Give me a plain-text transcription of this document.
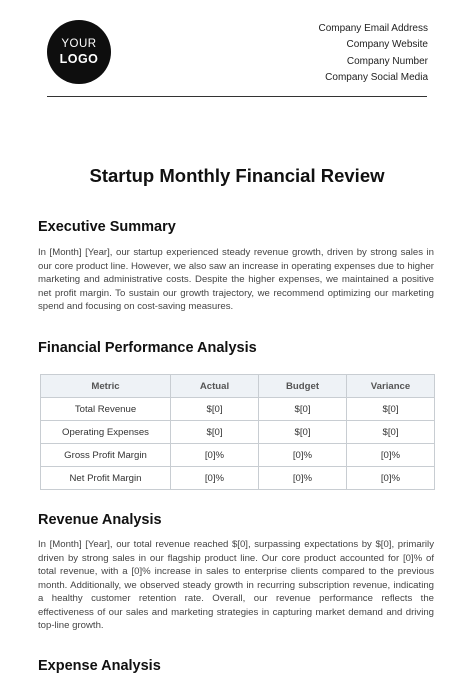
YOUR
LOGO
Company Email Address
Company Website
Company Number
Company Social Media
Startup Monthly Financial Review
Executive Summary

In [Month] [Year], our startup experienced steady revenue growth, driven by strong sales in our core product line. However, we also saw an increase in operating expenses due to higher marketing and administrative costs. Despite the higher expenses, we maintained a positive net profit margin. To sustain our growth trajectory, we recommend optimizing our marketing spend and focusing on cost-saving measures.

Financial Performance Analysis
Metric	Actual	Budget	Variance
Total Revenue	$[0]	$[0]	$[0]
Operating Expenses	$[0]	$[0]	$[0]
Gross Profit Margin	[0]%	[0]%	[0]%
Net Profit Margin	[0]%	[0]%	[0]%
Revenue Analysis

In [Month] [Year], our total revenue reached $[0], surpassing expectations by $[0], primarily driven by strong sales in our flagship product line. Our core product accounted for [0]% of total revenue, with a [0]% increase in sales to enterprise clients compared to the previous month. Additionally, we observed steady growth in recurring subscription revenue, indicating a healthy customer retention rate. Overall, our revenue performance reflects the effectiveness of our sales and marketing strategies in capturing market demand and driving top-line growth.

Expense Analysis
